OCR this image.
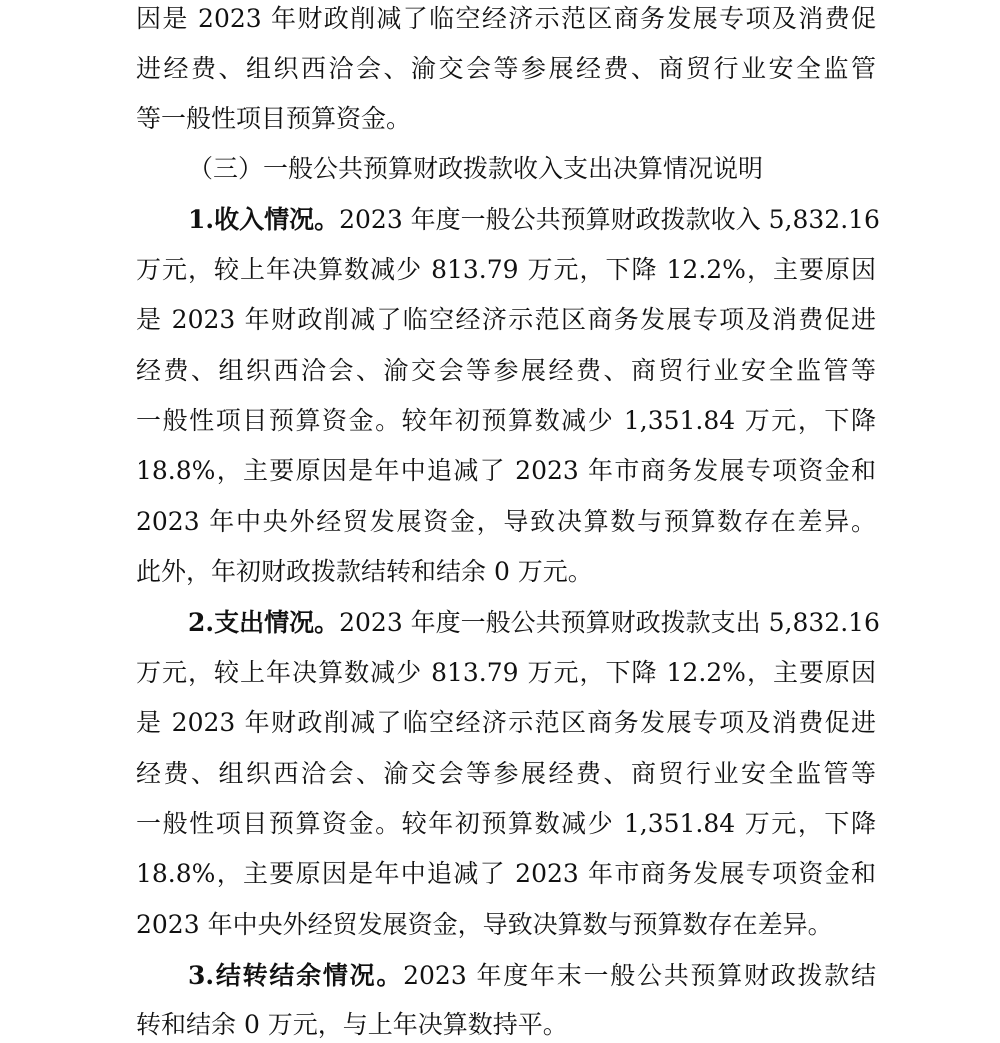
因是 2023 年财政削减了临空经济示范区商务发展专项及消费促

进经费、组织西洽会、渝交会等参展经费、商贸行业安全监管

等一般性项目预算资金。

（三）一般公共预算财政拨款收入支出决算情况说明

1.收入情况。2023 年度一般公共预算财政拨款收入 5,832.16

万元，较上年决算数减少 813.79 万元，下降 12.2%，主要原因

是 2023 年财政削减了临空经济示范区商务发展专项及消费促进

经费、组织西洽会、渝交会等参展经费、商贸行业安全监管等

一般性项目预算资金。较年初预算数减少 1,351.84 万元，下降

18.8%，主要原因是年中追减了 2023 年市商务发展专项资金和

2023 年中央外经贸发展资金，导致决算数与预算数存在差异。

此外，年初财政拨款结转和结余 0 万元。

2.支出情况。2023 年度一般公共预算财政拨款支出 5,832.16

万元，较上年决算数减少 813.79 万元，下降 12.2%，主要原因

是 2023 年财政削减了临空经济示范区商务发展专项及消费促进

经费、组织西洽会、渝交会等参展经费、商贸行业安全监管等

一般性项目预算资金。较年初预算数减少 1,351.84 万元，下降

18.8%，主要原因是年中追减了 2023 年市商务发展专项资金和

2023 年中央外经贸发展资金，导致决算数与预算数存在差异。

3.结转结余情况。2023 年度年末一般公共预算财政拨款结

转和结余 0 万元，与上年决算数持平。
